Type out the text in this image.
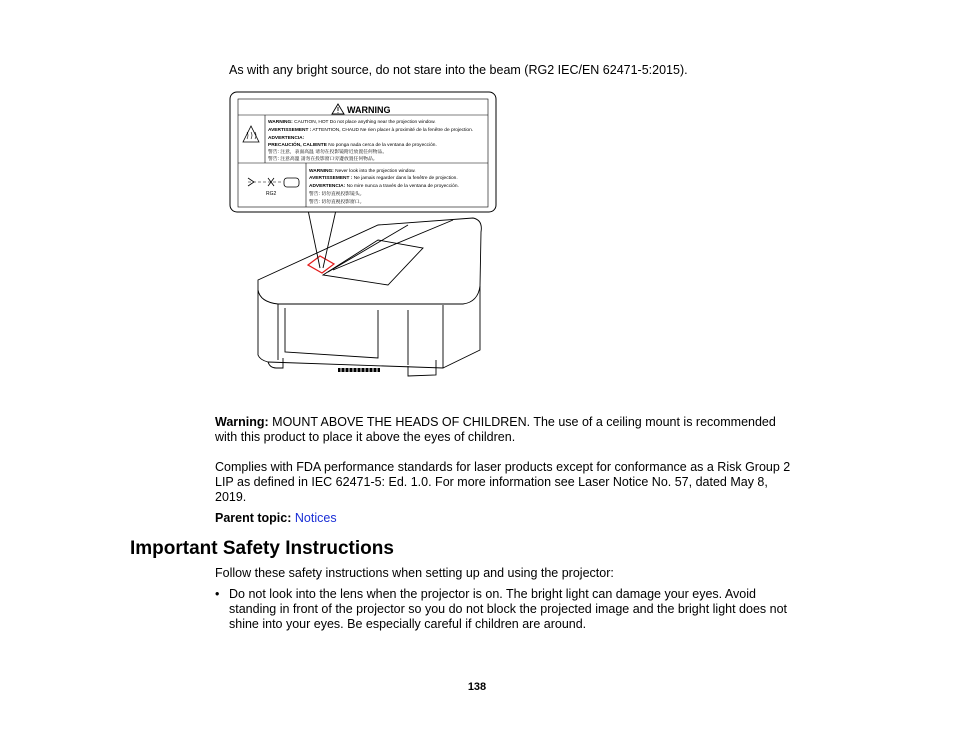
As with any bright source, do not stare into the beam (RG2 IEC/EN 62471-5:2015).
WARNING
RG2
WARNING: CAUTION, HOT Do not place anything near the projection window.
AVERTISSEMENT : ATTENTION, CHAUD Ne rien placer à proximité de la fenêtre de projection.
ADVERTENCIA:
PRECAUCIÓN, CALIENTE No ponga nada cerca de la ventana de proyección.
警告: 注意，表面高温 请勿在投影镜附近放置任何物品。
警告: 注意高溫 請勿在投影窗口旁邊放置任何物品。
WARNING: Never look into the projection window.
AVERTISSEMENT : Ne jamais regarder dans la fenêtre de projection.
ADVERTENCIA: No mire nunca a través de la ventana de proyección.
警告: 切勿直视投影镜头。
警告: 切勿直視投影窗口。
Warning: MOUNT ABOVE THE HEADS OF CHILDREN. The use of a ceiling mount is recommended
with this product to place it above the eyes of children.
Complies with FDA performance standards for laser products except for conformance as a Risk Group 2
LIP as defined in IEC 62471-5: Ed. 1.0. For more information see Laser Notice No. 57, dated May 8,
2019.
Parent topic: Notices
Important Safety Instructions
Follow these safety instructions when setting up and using the projector:
• Do not look into the lens when the projector is on. The bright light can damage your eyes. Avoid
standing in front of the projector so you do not block the projected image and the bright light does not
shine into your eyes. Be especially careful if children are around.
138
